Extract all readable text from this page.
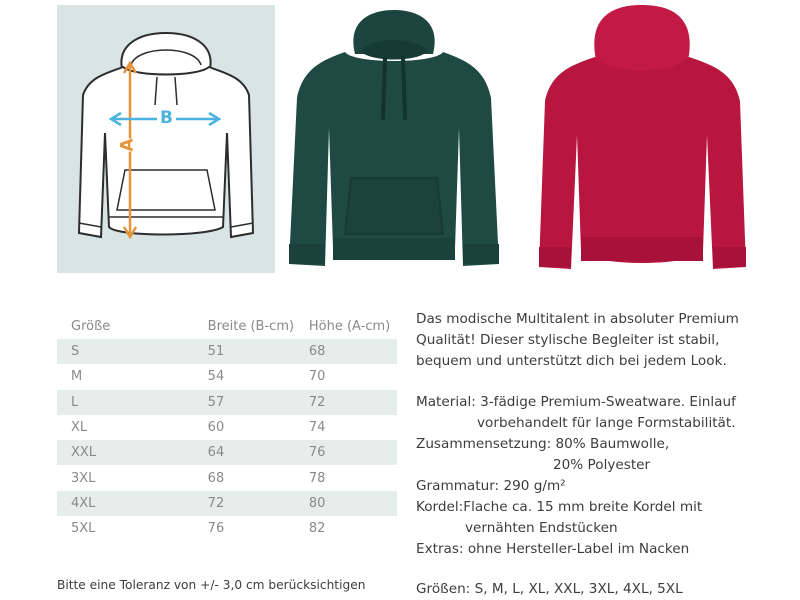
B
A
Größe	Breite (B-cm)	Höhe (A-cm)
S	51	68
M	54	70
L	57	72
XL	60	74
XXL	64	76
3XL	68	78
4XL	72	80
5XL	76	82
Bitte eine Toleranz von +/- 3,0 cm berücksichtigen
Das modische Multitalent in absoluter Premium
Qualität! Dieser stylische Begleiter ist stabil,
bequem und unterstützt dich bei jedem Look.
Material: 3-fädige Premium-Sweatware. Einlauf
vorbehandelt für lange Formstabilität.
Zusammensetzung: 80% Baumwolle,
20% Polyester
Grammatur: 290 g/m²
Kordel:Flache ca. 15 mm breite Kordel mit
vernähten Endstücken
Extras: ohne Hersteller-Label im Nacken
Größen: S, M, L, XL, XXL, 3XL, 4XL, 5XL
